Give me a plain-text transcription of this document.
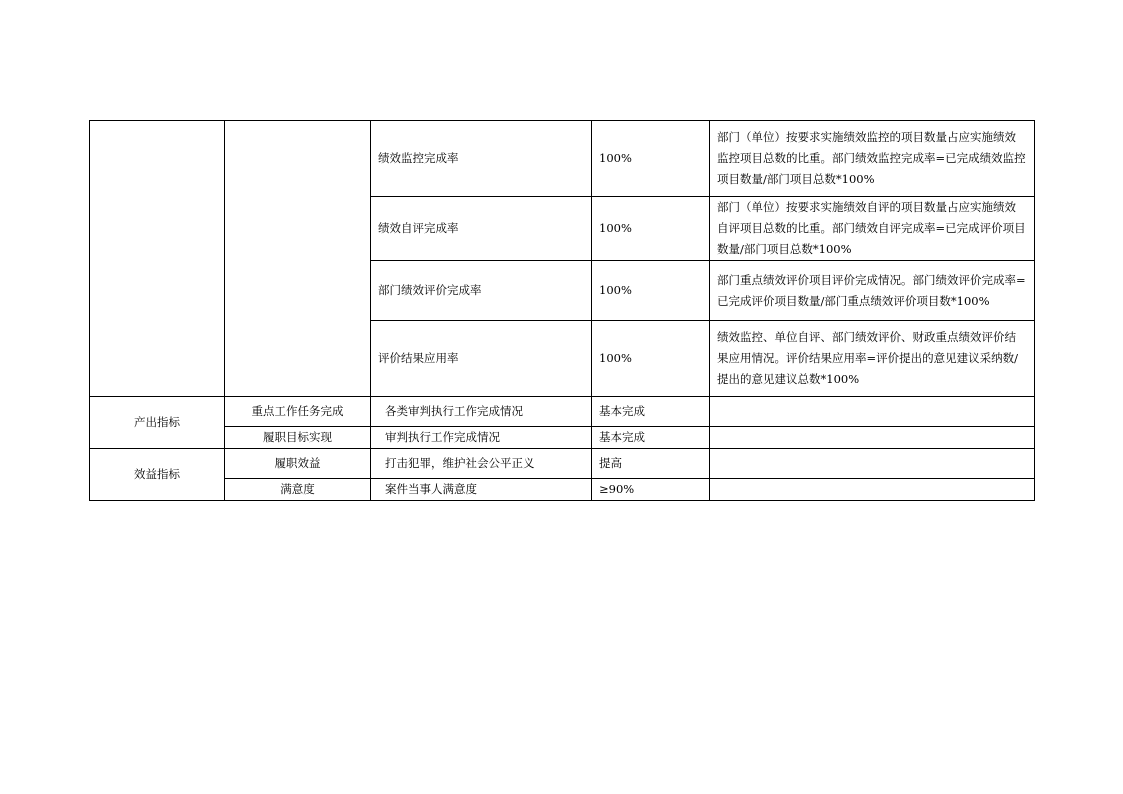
		绩效监控完成率	100%	部门（单位）按要求实施绩效监控的项目数量占应实施绩效监控项目总数的比重。部门绩效监控完成率=已完成绩效监控项目数量/部门项目总数*100%
		绩效自评完成率	100%	部门（单位）按要求实施绩效自评的项目数量占应实施绩效自评项目总数的比重。部门绩效自评完成率=已完成评价项目数量/部门项目总数*100%
		部门绩效评价完成率	100%	部门重点绩效评价项目评价完成情况。部门绩效评价完成率=已完成评价项目数量/部门重点绩效评价项目数*100%
		评价结果应用率	100%	绩效监控、单位自评、部门绩效评价、财政重点绩效评价结果应用情况。评价结果应用率=评价提出的意见建议采纳数/提出的意见建议总数*100%
产出指标	重点工作任务完成	各类审判执行工作完成情况	基本完成	
	履职目标实现	审判执行工作完成情况	基本完成	
效益指标	履职效益	打击犯罪，维护社会公平正义	提高	
	满意度	案件当事人满意度	≥90%	
